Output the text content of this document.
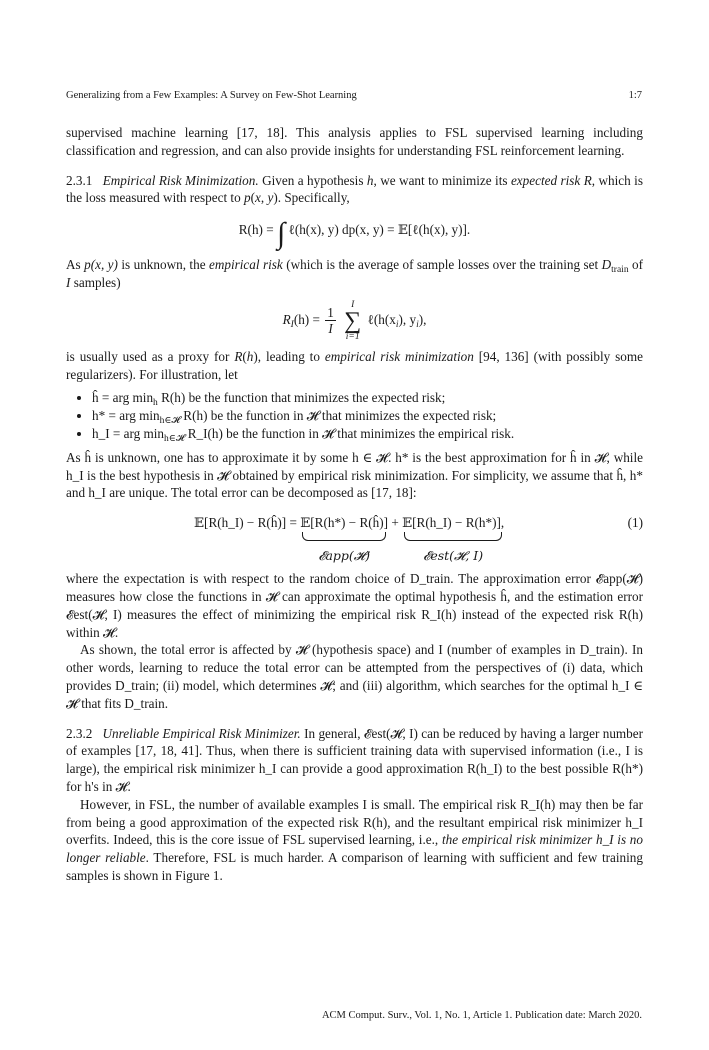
Generalizing from a Few Examples: A Survey on Few-Shot Learning	1:7

supervised machine learning [17, 18]. This analysis applies to FSL supervised learning including classification and regression, and can also provide insights for understanding FSL reinforcement learning.

2.3.1 Empirical Risk Minimization. Given a hypothesis h, we want to minimize its expected risk R, which is the loss measured with respect to p(x, y). Specifically,

R(h) = ∫ ℓ(h(x), y) dp(x, y) = 𝔼[ℓ(h(x), y)].

As p(x, y) is unknown, the empirical risk (which is the average of sample losses over the training set $D_{train}$ of I samples)

$R_I(h) = \frac{1}{I}$

I
∑
i=1
$\ell(h(x_i)$, $y_i$),

is usually used as a proxy for R(h), leading to empirical risk minimization [94, 136] (with possibly some regularizers). For illustration, let

• ĥ = arg $\min_h R(h)$ be the function that minimizes the expected risk;
• h* = arg $\min_{h\in 𝓗} R(h)$ be the function in 𝓗 that minimizes the expected risk;
• h_I = arg $\min_{h\in 𝓗}$ R_I(h) be the function in 𝓗 that minimizes the empirical risk.

As ĥ is unknown, one has to approximate it by some h ∈ 𝓗. h* is the best approximation for ĥ in 𝓗, while h_I is the best hypothesis in 𝓗 obtained by empirical risk minimization. For simplicity, we assume that ĥ, h* and h_I are unique. The total error can be decomposed as [17, 18]:

𝔼[R(h_I) − R(ĥ)] = 𝔼[R(h*) − R(ĥ)]
𝓔app(𝓗)
+ 𝔼[R(h_I) − R(h*)],
𝓔est(𝓗, I)
(1)

where the expectation is with respect to the random choice of D_train. The approximation error 𝓔app(𝓗) measures how close the functions in 𝓗 can approximate the optimal hypothesis ĥ, and the estimation error 𝓔est(𝓗, I) measures the effect of minimizing the empirical risk R_I(h) instead of the expected risk R(h) within 𝓗.

As shown, the total error is affected by 𝓗 (hypothesis space) and I (number of examples in D_train). In other words, learning to reduce the total error can be attempted from the perspectives of (i) data, which provides D_train; (ii) model, which determines 𝓗; and (iii) algorithm, which searches for the optimal h_I ∈ 𝓗 that fits D_train.

2.3.2 Unreliable Empirical Risk Minimizer. In general, 𝓔est(𝓗, I) can be reduced by having a larger number of examples [17, 18, 41]. Thus, when there is sufficient training data with supervised information (i.e., I is large), the empirical risk minimizer h_I can provide a good approximation R(h_I) to the best possible R(h*) for h's in 𝓗.

However, in FSL, the number of available examples I is small. The empirical risk R_I(h) may then be far from being a good approximation of the expected risk R(h), and the resultant empirical risk minimizer h_I overfits. Indeed, this is the core issue of FSL supervised learning, i.e., the empirical risk minimizer h_I is no longer reliable. Therefore, FSL is much harder. A comparison of learning with sufficient and few training samples is shown in Figure 1.

ACM Comput. Surv., Vol. 1, No. 1, Article 1. Publication date: March 2020.
